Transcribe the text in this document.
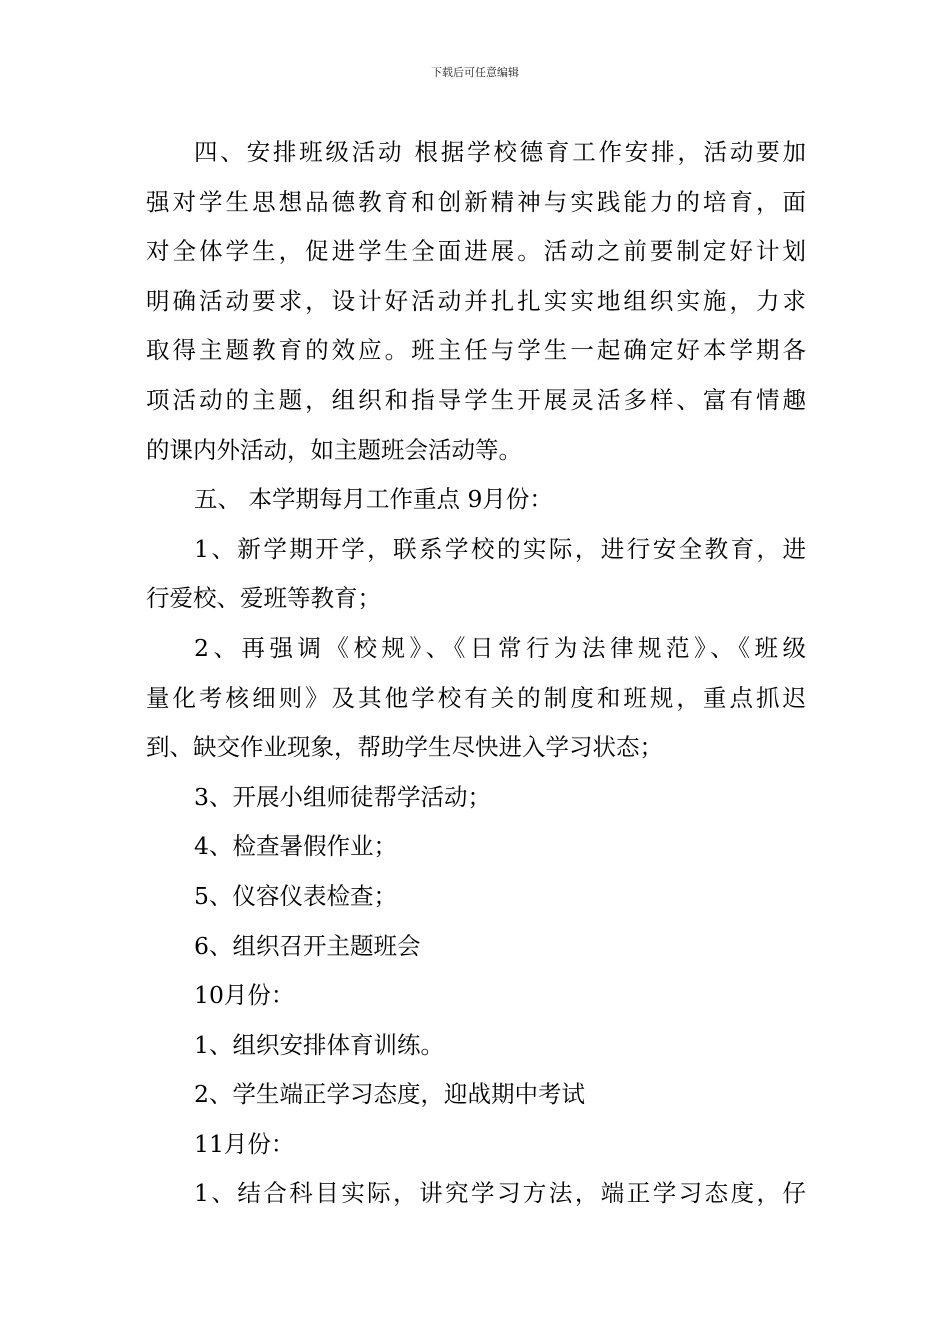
下载后可任意编辑
四、安排班级活动 根据学校德育工作安排，活动要加
强对学生思想品德教育和创新精神与实践能力的培育，面
对全体学生，促进学生全面进展。活动之前要制定好计划
明确活动要求，设计好活动并扎扎实实地组织实施，力求
取得主题教育的效应。班主任与学生一起确定好本学期各
项活动的主题，组织和指导学生开展灵活多样、富有情趣
的课内外活动，如主题班会活动等。
五、 本学期每月工作重点 9月份：
1、新学期开学，联系学校的实际，进行安全教育，进
行爱校、爱班等教育；
2、再强调《校规》、《日常行为法律规范》、《班级
量化考核细则》及其他学校有关的制度和班规，重点抓迟
到、缺交作业现象，帮助学生尽快进入学习状态；
3、开展小组师徒帮学活动；
4、检查暑假作业；
5、仪容仪表检查；
6、组织召开主题班会
10月份：
1、组织安排体育训练。
2、学生端正学习态度，迎战期中考试
11月份：
1、结合科目实际，讲究学习方法，端正学习态度，仔
